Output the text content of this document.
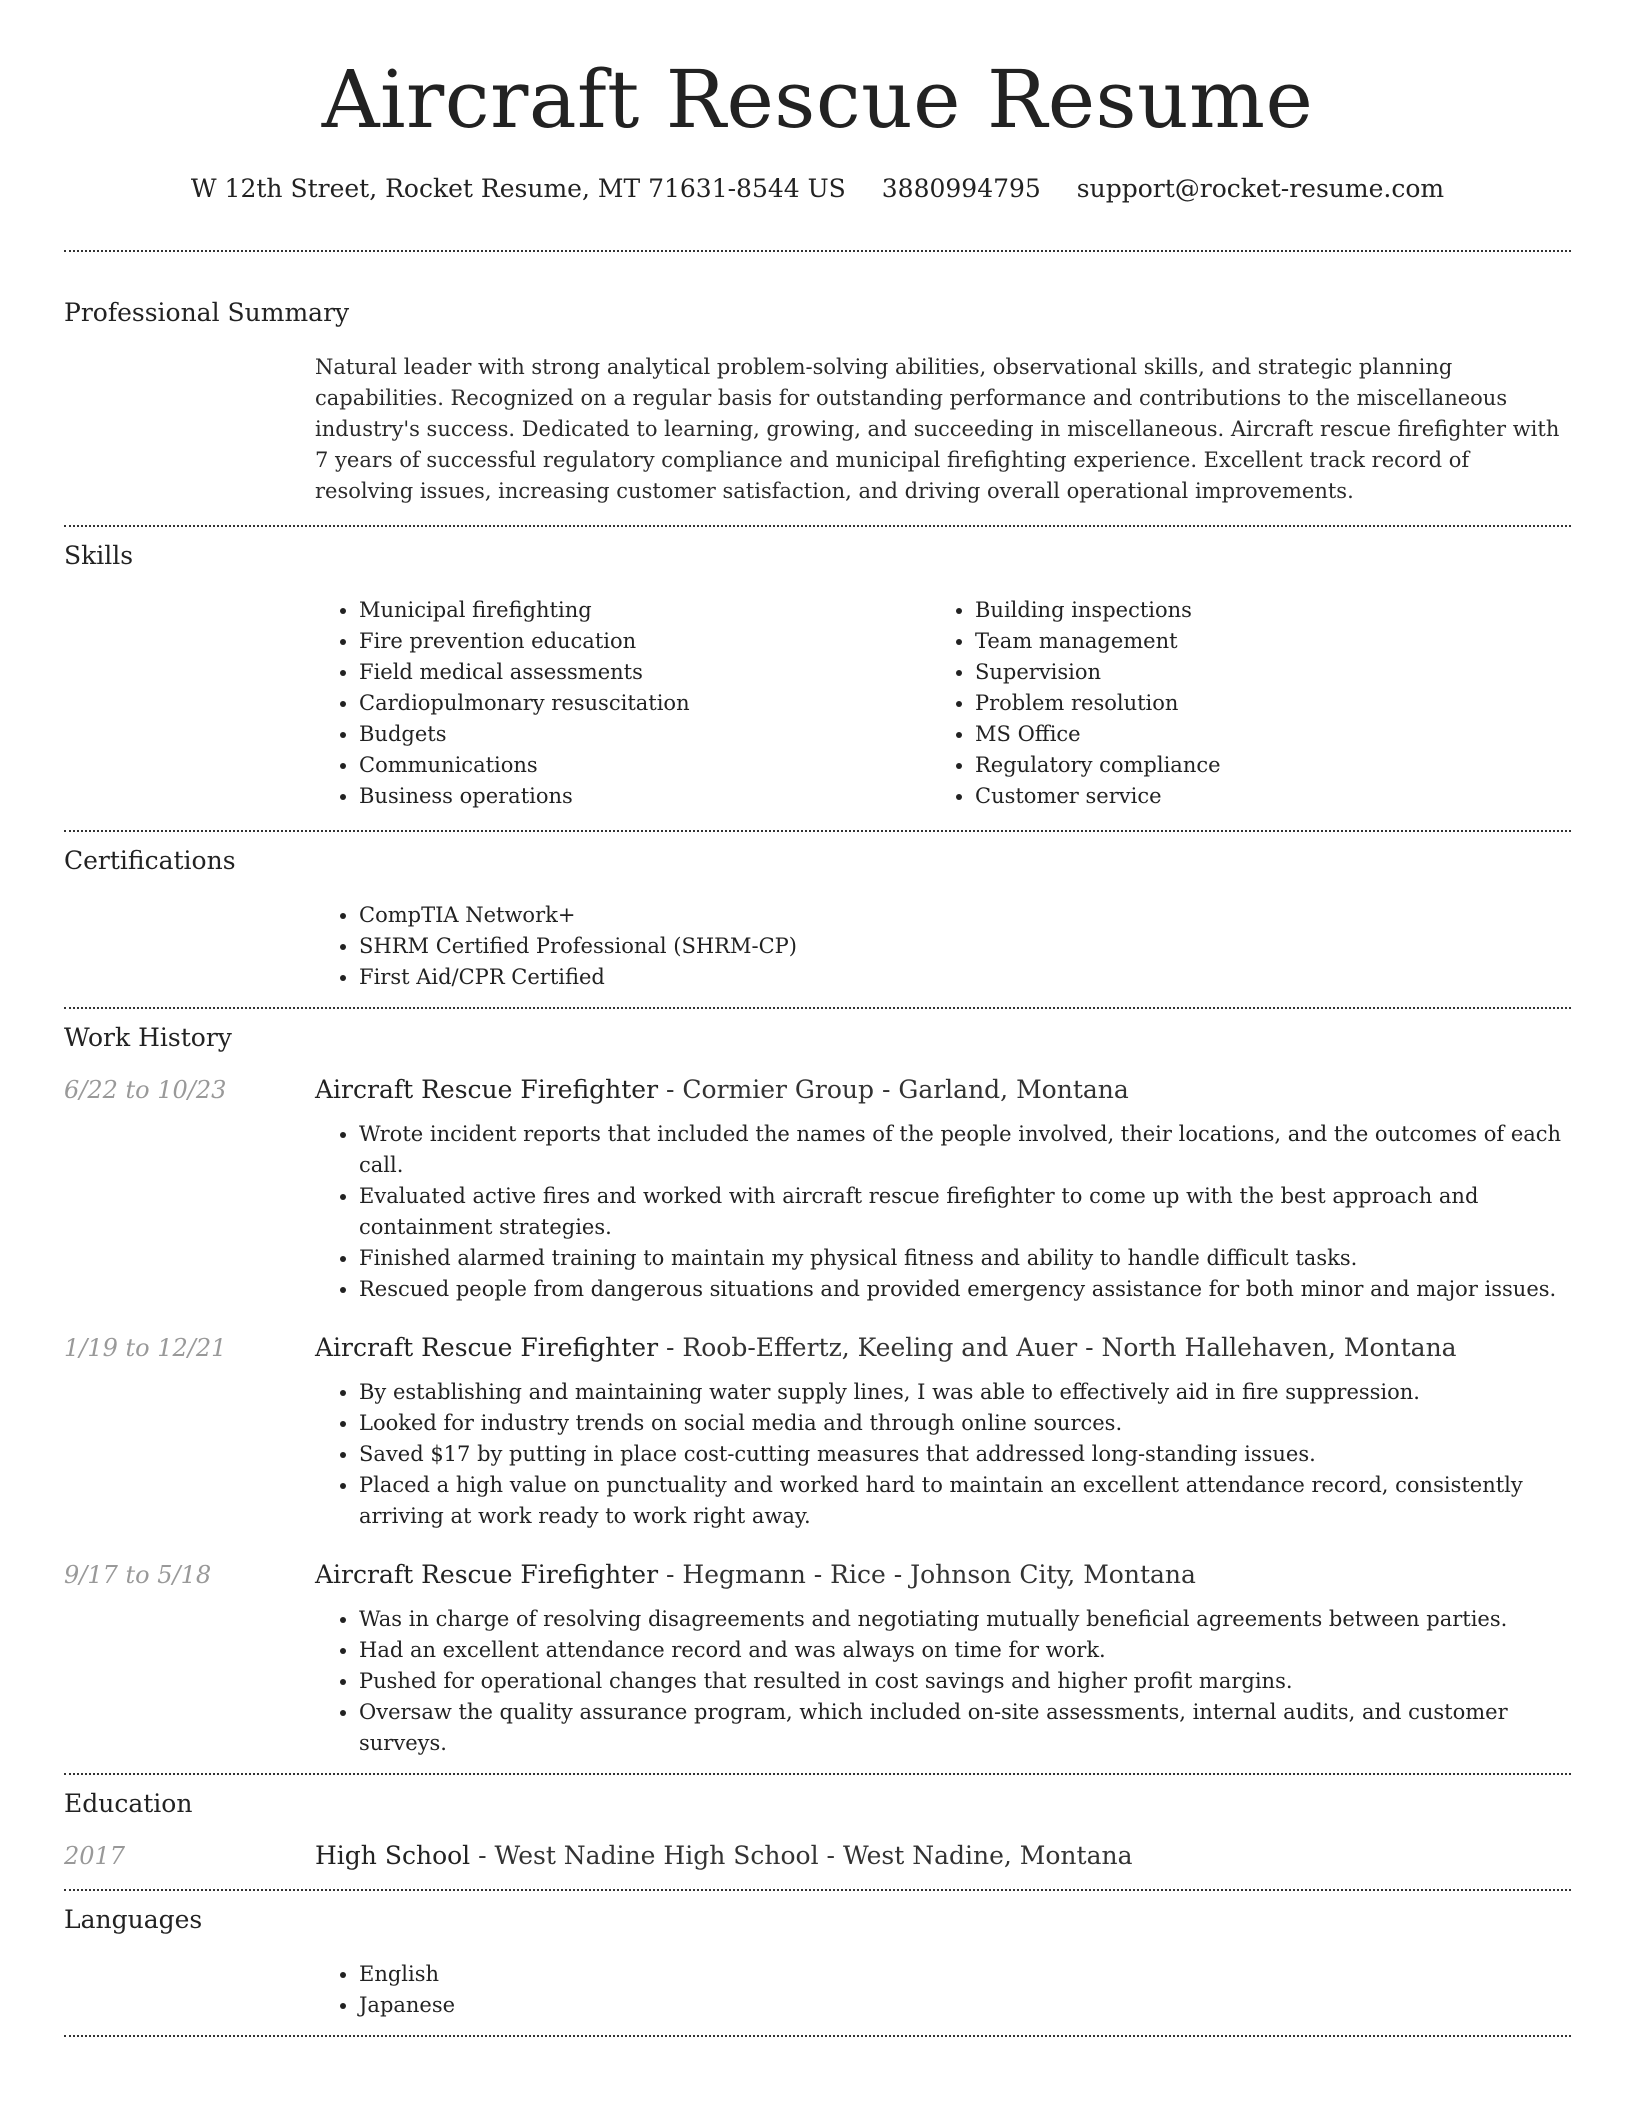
Aircraft Rescue Resume
W 12th Street, Rocket Resume, MT 71631-8544 US 3880994795 support@rocket-resume.com
Professional Summary
Natural leader with strong analytical problem-solving abilities, observational skills, and strategic planning capabilities. Recognized on a regular basis for outstanding performance and contributions to the miscellaneous industry's success. Dedicated to learning, growing, and succeeding in miscellaneous. Aircraft rescue firefighter with 7 years of successful regulatory compliance and municipal firefighting experience. Excellent track record of resolving issues, increasing customer satisfaction, and driving overall operational improvements.
Skills
• Municipal firefighting
• Fire prevention education
• Field medical assessments
• Cardiopulmonary resuscitation
• Budgets
• Communications
• Business operations
• Building inspections
• Team management
• Supervision
• Problem resolution
• MS Office
• Regulatory compliance
• Customer service
Certifications
• CompTIA Network+
• SHRM Certified Professional (SHRM-CP)
• First Aid/CPR Certified
Work History
6/22 to 10/23	Aircraft Rescue Firefighter - Cormier Group - Garland, Montana
• Wrote incident reports that included the names of the people involved, their locations, and the outcomes of each call.
• Evaluated active fires and worked with aircraft rescue firefighter to come up with the best approach and containment strategies.
• Finished alarmed training to maintain my physical fitness and ability to handle difficult tasks.
• Rescued people from dangerous situations and provided emergency assistance for both minor and major issues.
1/19 to 12/21	Aircraft Rescue Firefighter - Roob-Effertz, Keeling and Auer - North Hallehaven, Montana
• By establishing and maintaining water supply lines, I was able to effectively aid in fire suppression.
• Looked for industry trends on social media and through online sources.
• Saved $17 by putting in place cost-cutting measures that addressed long-standing issues.
• Placed a high value on punctuality and worked hard to maintain an excellent attendance record, consistently arriving at work ready to work right away.
9/17 to 5/18	Aircraft Rescue Firefighter - Hegmann - Rice - Johnson City, Montana
• Was in charge of resolving disagreements and negotiating mutually beneficial agreements between parties.
• Had an excellent attendance record and was always on time for work.
• Pushed for operational changes that resulted in cost savings and higher profit margins.
• Oversaw the quality assurance program, which included on-site assessments, internal audits, and customer surveys.
Education
2017	High School - West Nadine High School - West Nadine, Montana
Languages
• English
• Japanese
